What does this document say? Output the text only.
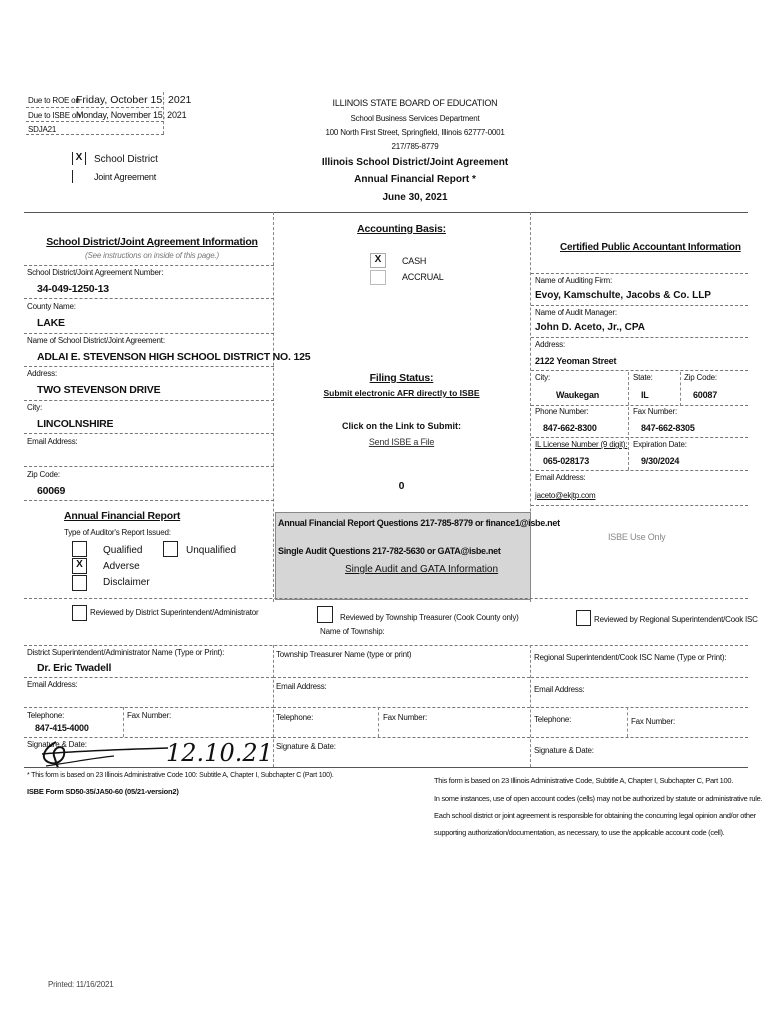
Due to ROE on
Friday, October 15, 2021
Due to ISBE on
Monday, November 15, 2021
SDJA21
ILLINOIS STATE BOARD OF EDUCATION
School Business Services Department
100 North First Street, Springfield, Illinois 62777-0001
217/785-8779
Illinois School District/Joint Agreement
Annual Financial Report *
June 30, 2021
X	School District
Joint Agreement
School District/Joint Agreement Information
(See instructions on inside of this page.)
School District/Joint Agreement Number:
34-049-1250-13
County Name:
LAKE
Name of School District/Joint Agreement:
ADLAI E. STEVENSON HIGH SCHOOL DISTRICT NO. 125
Address:
TWO STEVENSON DRIVE
City:
LINCOLNSHIRE
Email Address:
Zip Code:
60069
Annual Financial Report
Type of Auditor's Report Issued:
Qualified	Unqualified
X	Adverse
Disclaimer
Accounting Basis:
X	CASH
ACCRUAL
Filing Status:
Submit electronic AFR directly to ISBE
Click on the Link to Submit:
Send ISBE a File
0
Annual Financial Report Questions 217-785-8779 or finance1@isbe.net
Single Audit Questions 217-782-5630 or GATA@isbe.net
Single Audit and GATA Information
Certified Public Accountant Information
Name of Auditing Firm:
Evoy, Kamschulte, Jacobs & Co. LLP
Name of Audit Manager:
John D. Aceto, Jr., CPA
Address:
2122 Yeoman Street
City:
Waukegan
State:
IL
Zip Code:
60087
Phone Number:
847-662-8300
Fax Number:
847-662-8305
IL License Number (9 digit):
065-028173
Expiration Date:
9/30/2024
Email Address:
jaceto@ekjtp.com
ISBE Use Only
Reviewed by District Superintendent/Administrator
Reviewed by Township Treasurer (Cook County only)
Name of Township:
Reviewed by Regional Superintendent/Cook ISC
District Superintendent/Administrator Name (Type or Print):
Dr. Eric Twadell
Email Address:
Telephone:
847-415-4000
Fax Number:
Signature & Date:	12.10.21
Township Treasurer Name (type or print)
Email Address:
Telephone:	Fax Number:
Signature & Date:
Regional Superintendent/Cook ISC Name (Type or Print):
Email Address:
Telephone:	Fax Number:
Signature & Date:
* This form is based on 23 Illinois Administrative Code 100: Subtitle A, Chapter I, Subchapter C (Part 100).
ISBE Form SD50-35/JA50-60 (05/21-version2)
This form is based on 23 Illinois Administrative Code, Subtitle A, Chapter I, Subchapter C, Part 100.
In some instances, use of open account codes (cells) may not be authorized by statute or administrative rule.
Each school district or joint agreement is responsible for obtaining the concurring legal opinion and/or other
supporting authorization/documentation, as necessary, to use the applicable account code (cell).
Printed: 11/16/2021
